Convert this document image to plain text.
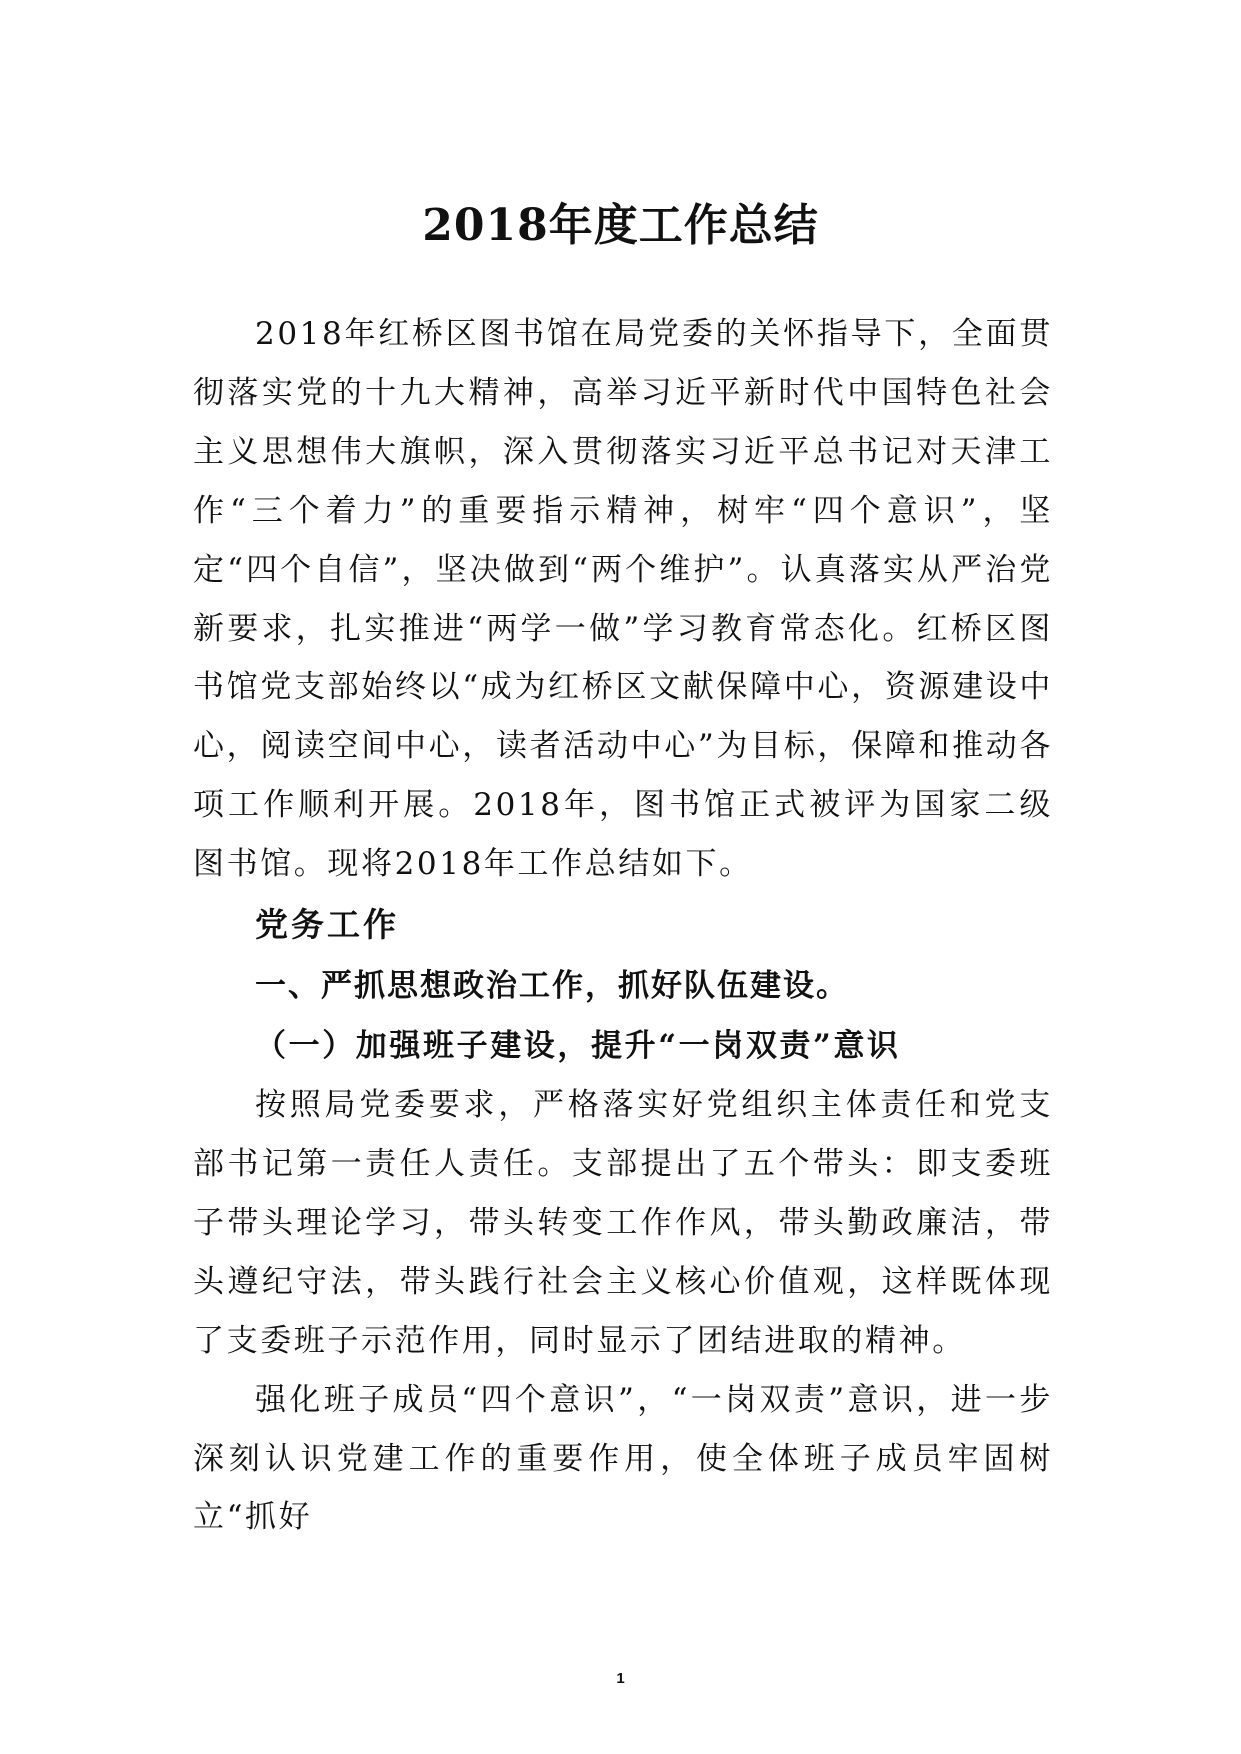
2018年度工作总结

2018年红桥区图书馆在局党委的关怀指导下，全面贯彻落实党的十九大精神，高举习近平新时代中国特色社会主义思想伟大旗帜，深入贯彻落实习近平总书记对天津工作“三个着力”的重要指示精神，树牢“四个意识”，坚定“四个自信”，坚决做到“两个维护”。认真落实从严治党新要求，扎实推进“两学一做”学习教育常态化。红桥区图书馆党支部始终以“成为红桥区文献保障中心，资源建设中心，阅读空间中心，读者活动中心”为目标，保障和推动各项工作顺利开展。2018年，图书馆正式被评为国家二级图书馆。现将2018年工作总结如下。

党务工作

一、严抓思想政治工作，抓好队伍建设。

（一）加强班子建设，提升“一岗双责”意识

按照局党委要求，严格落实好党组织主体责任和党支部书记第一责任人责任。支部提出了五个带头：即支委班子带头理论学习，带头转变工作作风，带头勤政廉洁，带头遵纪守法，带头践行社会主义核心价值观，这样既体现了支委班子示范作用，同时显示了团结进取的精神。

强化班子成员“四个意识”，“一岗双责”意识，进一步深刻认识党建工作的重要作用，使全体班子成员牢固树立“抓好

1
